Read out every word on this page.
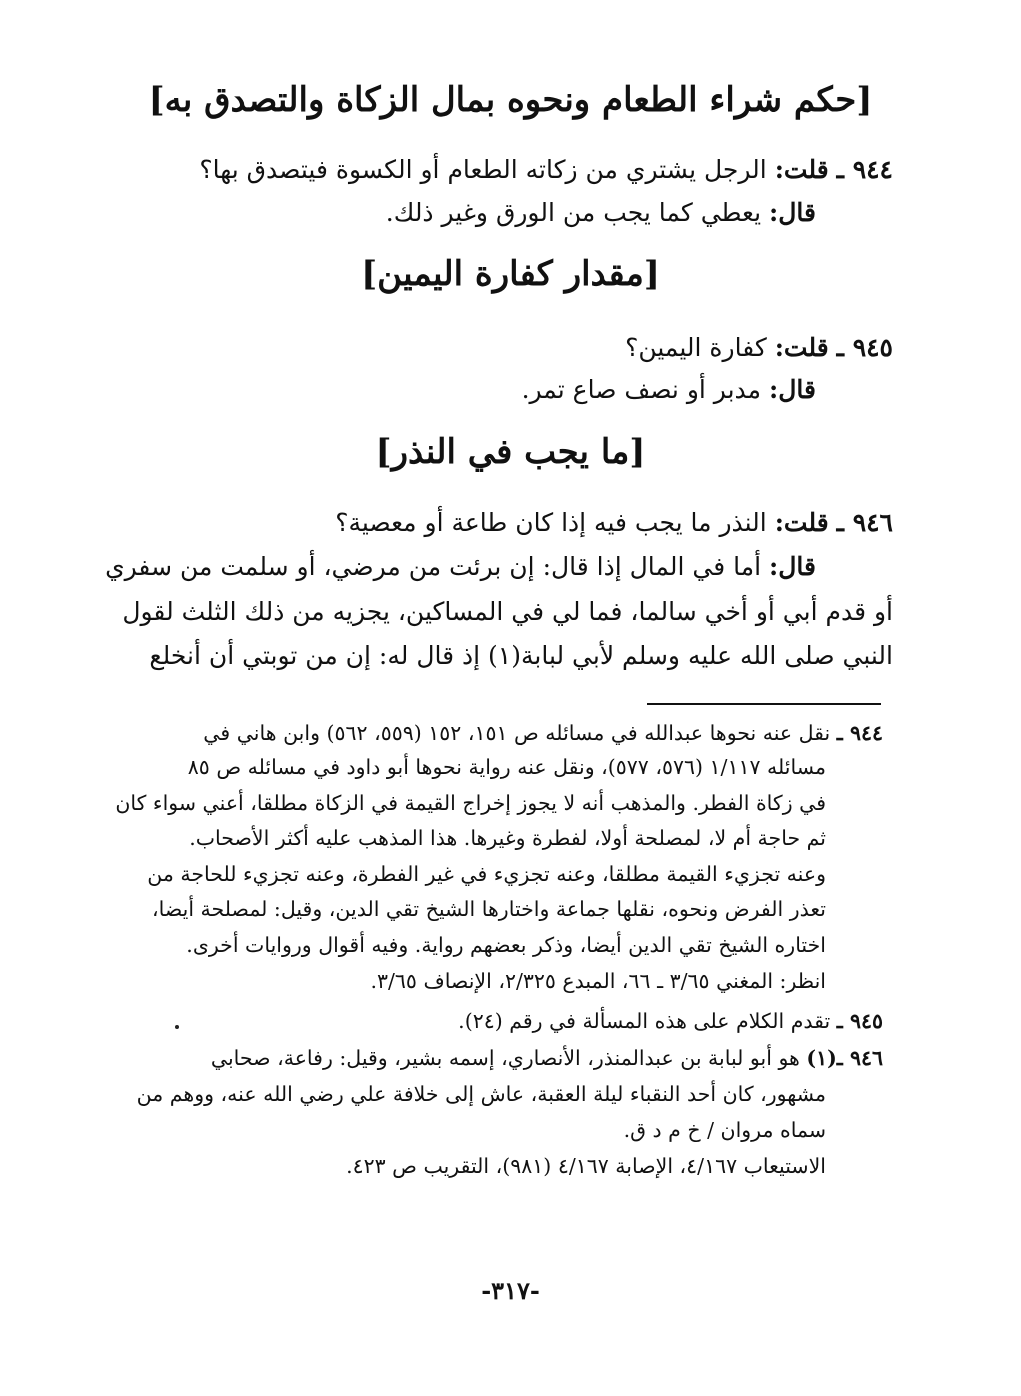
[حكم شراء الطعام ونحوه بمال الزكاة والتصدق به]
٩٤٤ ـ قلت: الرجل يشتري من زكاته الطعام أو الكسوة فيتصدق بها؟
قال: يعطي كما يجب من الورق وغير ذلك.
[مقدار كفارة اليمين]
٩٤٥ ـ قلت: كفارة اليمين؟
قال: مدبر أو نصف صاع تمر.
[ما يجب في النذر]
٩٤٦ ـ قلت: النذر ما يجب فيه إذا كان طاعة أو معصية؟
قال: أما في المال إذا قال: إن برئت من مرضي، أو سلمت من سفري
أو قدم أبي أو أخي سالما، فما لي في المساكين، يجزيه من ذلك الثلث لقول
النبي صلى الله عليه وسلم لأبي لبابة(١) إذ قال له: إن من توبتي أن أنخلع
٩٤٤ ـ نقل عنه نحوها عبدالله في مسائله ص ١٥١، ١٥٢ (٥٥٩، ٥٦٢) وابن هاني في
مسائله ١/١١٧ (٥٧٦، ٥٧٧)، ونقل عنه رواية نحوها أبو داود في مسائله ص ٨٥
في زكاة الفطر. والمذهب أنه لا يجوز إخراج القيمة في الزكاة مطلقا، أعني سواء كان
ثم حاجة أم لا، لمصلحة أولا، لفطرة وغيرها. هذا المذهب عليه أكثر الأصحاب.
وعنه تجزيء القيمة مطلقا، وعنه تجزيء في غير الفطرة، وعنه تجزيء للحاجة من
تعذر الفرض ونحوه، نقلها جماعة واختارها الشيخ تقي الدين، وقيل: لمصلحة أيضا،
اختاره الشيخ تقي الدين أيضا، وذكر بعضهم رواية. وفيه أقوال وروايات أخرى.
انظر: المغني ٣/٦٥ ـ ٦٦، المبدع ٢/٣٢٥، الإنصاف ٣/٦٥.
٩٤٥ ـ تقدم الكلام على هذه المسألة في رقم (٢٤).
٩٤٦ ـ(١) هو أبو لبابة بن عبدالمنذر، الأنصاري، إسمه بشير، وقيل: رفاعة، صحابي
مشهور، كان أحد النقباء ليلة العقبة، عاش إلى خلافة علي رضي الله عنه، ووهم من
سماه مروان / خ م د ق.
الاستيعاب ٤/١٦٧، الإصابة ٤/١٦٧ (٩٨١)، التقريب ص ٤٢٣.
-٣١٧-
